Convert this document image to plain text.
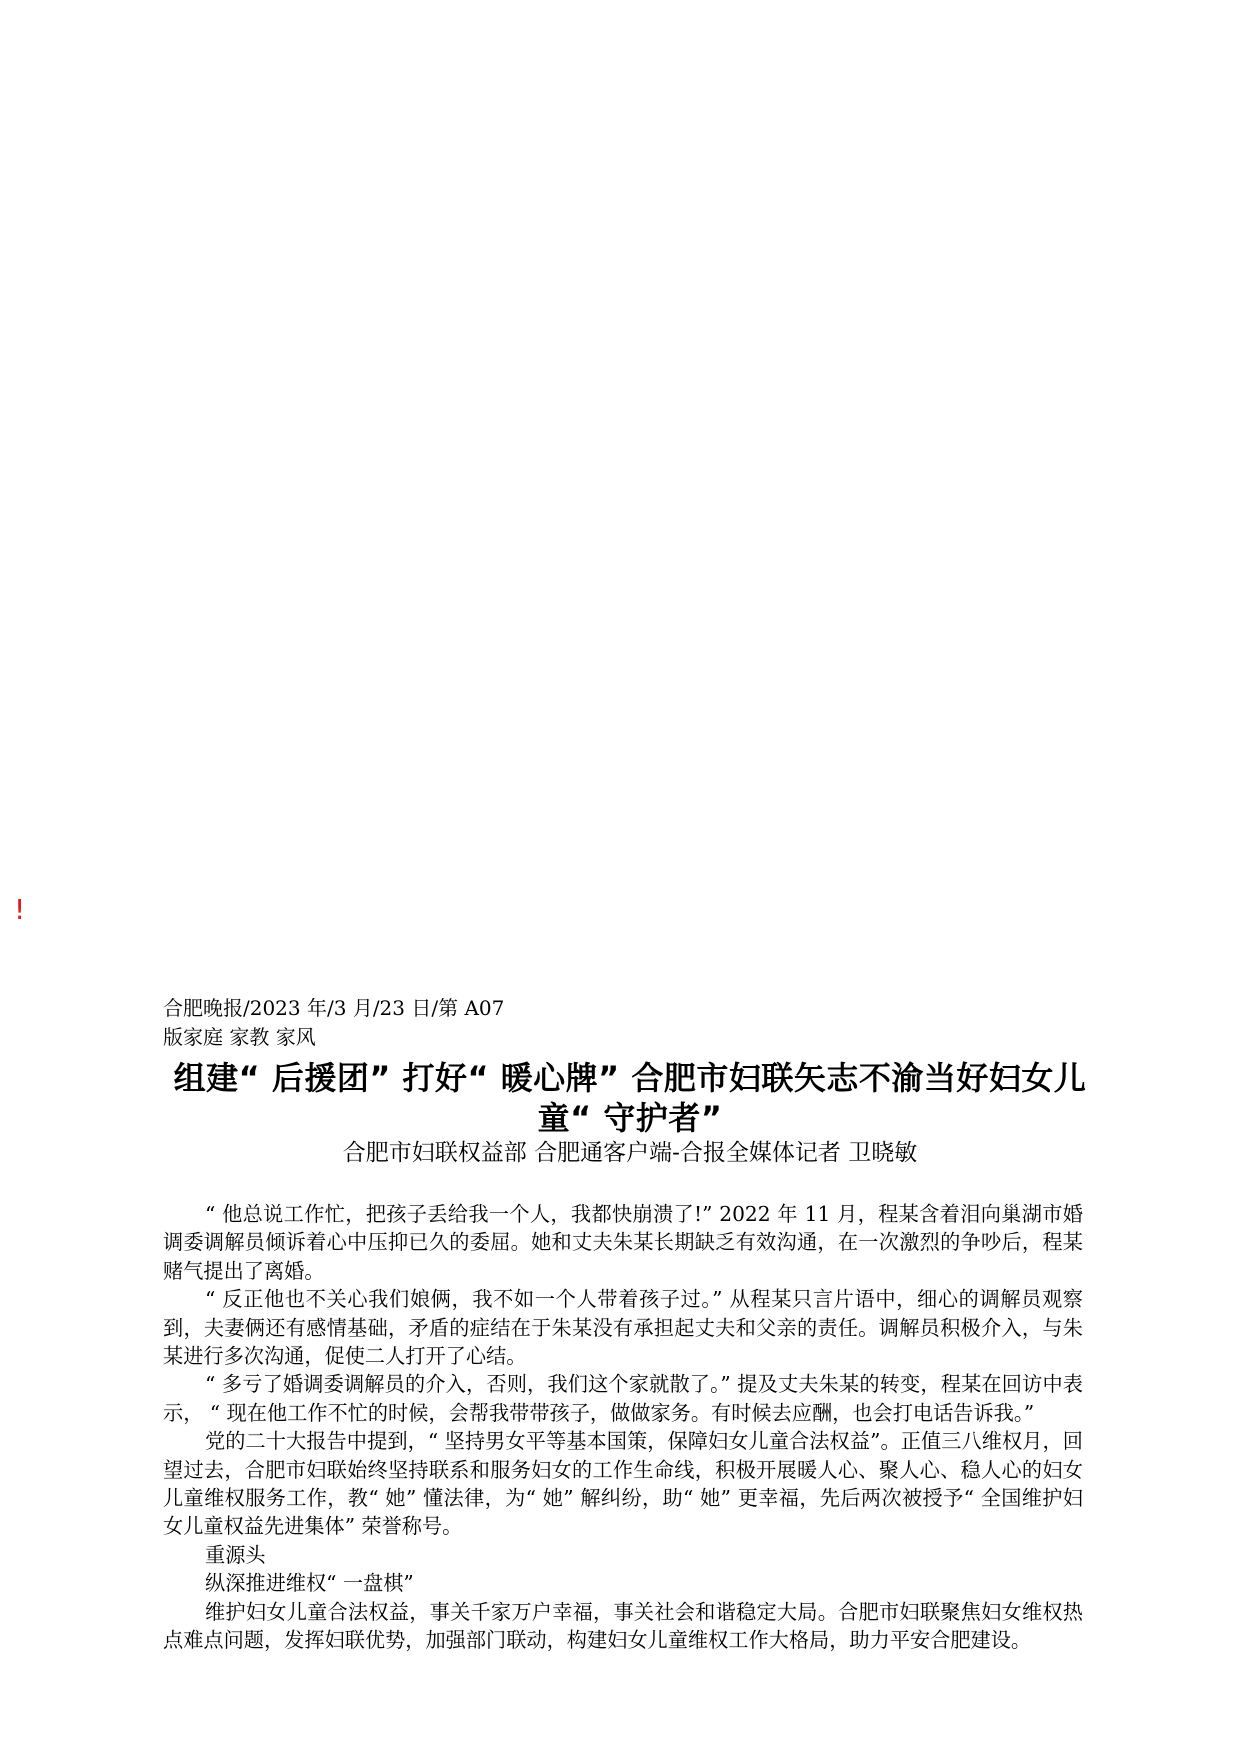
!
合肥晚报/2023 年/3 月/23 日/第 A07
版家庭 家教 家风
组建“ 后援团” 打好“ 暖心牌” 合肥市妇联矢志不渝当好妇女儿童“ 守护者”
合肥市妇联权益部 合肥通客户端-合报全媒体记者 卫晓敏

“ 他总说工作忙，把孩子丢给我一个人，我都快崩溃了!” 2022 年 11 月，程某含着泪向巢湖市婚调委调解员倾诉着心中压抑已久的委屈。她和丈夫朱某长期缺乏有效沟通，在一次激烈的争吵后，程某赌气提出了离婚。

“ 反正他也不关心我们娘俩，我不如一个人带着孩子过。” 从程某只言片语中，细心的调解员观察到，夫妻俩还有感情基础，矛盾的症结在于朱某没有承担起丈夫和父亲的责任。调解员积极介入，与朱某进行多次沟通，促使二人打开了心结。

“ 多亏了婚调委调解员的介入，否则，我们这个家就散了。” 提及丈夫朱某的转变，程某在回访中表示， “ 现在他工作不忙的时候，会帮我带带孩子，做做家务。有时候去应酬，也会打电话告诉我。”

党的二十大报告中提到，“ 坚持男女平等基本国策，保障妇女儿童合法权益”。正值三八维权月，回望过去，合肥市妇联始终坚持联系和服务妇女的工作生命线，积极开展暖人心、聚人心、稳人心的妇女儿童维权服务工作，教“ 她” 懂法律，为“ 她” 解纠纷，助“ 她” 更幸福，先后两次被授予“ 全国维护妇女儿童权益先进集体” 荣誉称号。

重源头

纵深推进维权“ 一盘棋”

维护妇女儿童合法权益，事关千家万户幸福，事关社会和谐稳定大局。合肥市妇联聚焦妇女维权热点难点问题，发挥妇联优势，加强部门联动，构建妇女儿童维权工作大格局，助力平安合肥建设。
